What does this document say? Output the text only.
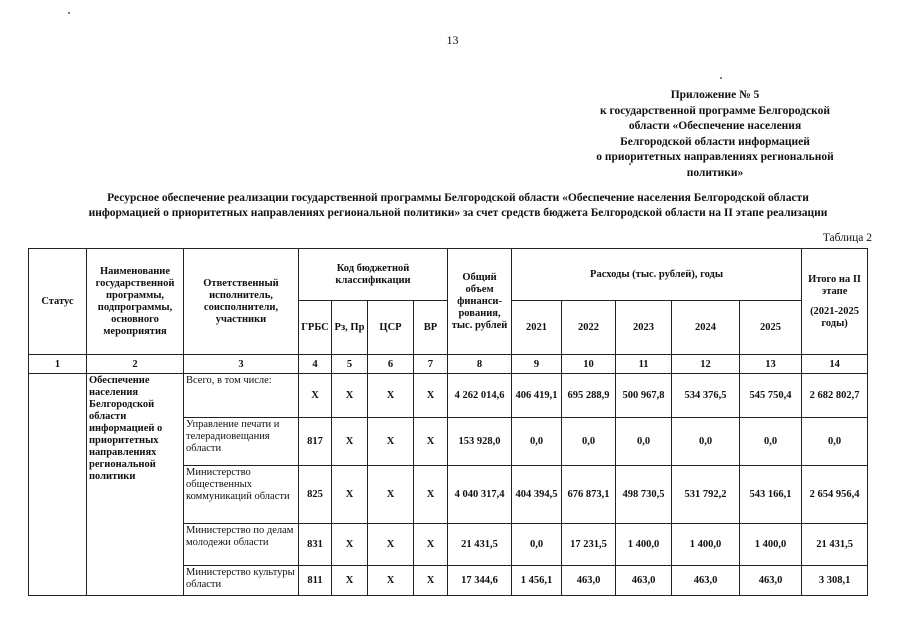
13
Приложение № 5
к государственной программе Белгородской
области «Обеспечение населения
Белгородской области информацией
о приоритетных направлениях региональной
политики»
Ресурсное обеспечение реализации государственной программы Белгородской области «Обеспечение населения Белгородской области
информацией о приоритетных направлениях региональной политики» за счет средств бюджета Белгородской области на II этапе реализации
Таблица 2
Статус	Наименование государственной программы, подпрограммы, основного мероприятия	Ответственный исполнитель, соисполнители, участники	Код бюджетной классификации				Общий объем финанси-рования, тыс. рублей	Расходы (тыс. рублей), годы					Итого на II этапе
(2021-2025 годы)

			ГРБС	Рз, Пр	ЦСР	ВР		2021	2022	2023	2024	2025	
1	2	3	4	5	6	7	8	9	10	11	12	13	14
	Обеспечение населения Белгородской области информацией о приоритетных направлениях региональной политики	Всего, в том числе:	Х	Х	Х	Х	4 262 014,6	406 419,1	695 288,9	500 967,8	534 376,5	545 750,4	2 682 802,7
		Управление печати и телерадиовещания области	817	Х	Х	Х	153 928,0	0,0	0,0	0,0	0,0	0,0	0,0
		Министерство общественных коммуникаций области	825	Х	Х	Х	4 040 317,4	404 394,5	676 873,1	498 730,5	531 792,2	543 166,1	2 654 956,4
		Министерство по делам молодежи области	831	Х	Х	Х	21 431,5	0,0	17 231,5	1 400,0	1 400,0	1 400,0	21 431,5
		Министерство культуры области	811	Х	Х	Х	17 344,6	1 456,1	463,0	463,0	463,0	463,0	3 308,1
